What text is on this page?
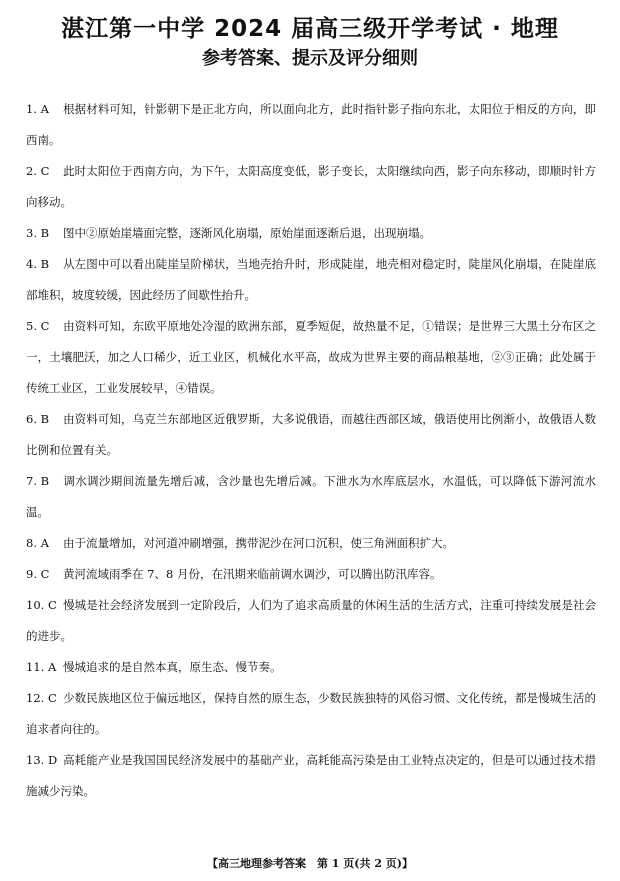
湛江第一中学 2024 届高三级开学考试 · 地理
参考答案、提示及评分细则

1. A 根据材料可知，针影朝下是正北方向，所以面向北方，此时指针影子指向东北，太阳位于相反的方向，即西南。

2. C 此时太阳位于西南方向，为下午，太阳高度变低，影子变长，太阳继续向西，影子向东移动，即顺时针方向移动。

3. B 图中②原始崖墙面完整，逐渐风化崩塌，原始崖面逐渐后退，出现崩塌。

4. B 从左图中可以看出陡崖呈阶梯状，当地壳抬升时，形成陡崖，地壳相对稳定时，陡崖风化崩塌，在陡崖底部堆积，坡度较缓，因此经历了间歇性抬升。

5. C 由资料可知，东欧平原地处冷湿的欧洲东部，夏季短促，故热量不足，①错误；是世界三大黑土分布区之一，土壤肥沃，加之人口稀少，近工业区，机械化水平高，故成为世界主要的商品粮基地，②③正确；此处属于传统工业区，工业发展较早，④错误。

6. B 由资料可知，乌克兰东部地区近俄罗斯，大多说俄语，而越往西部区域，俄语使用比例渐小，故俄语人数比例和位置有关。

7. B 调水调沙期间流量先增后减，含沙量也先增后减。下泄水为水库底层水，水温低，可以降低下游河流水温。

8. A 由于流量增加，对河道冲刷增强，携带泥沙在河口沉积，使三角洲面积扩大。

9. C 黄河流域雨季在 7、8 月份，在汛期来临前调水调沙，可以腾出防汛库容。

10. C 慢城是社会经济发展到一定阶段后，人们为了追求高质量的休闲生活的生活方式，注重可持续发展是社会的进步。

11. A 慢城追求的是自然本真，原生态、慢节奏。

12. C 少数民族地区位于偏远地区，保持自然的原生态，少数民族独特的风俗习惯、文化传统，都是慢城生活的追求者向往的。

13. D 高耗能产业是我国国民经济发展中的基础产业，高耗能高污染是由工业特点决定的，但是可以通过技术措施减少污染。

【高三地理参考答案　第 1 页(共 2 页)】
